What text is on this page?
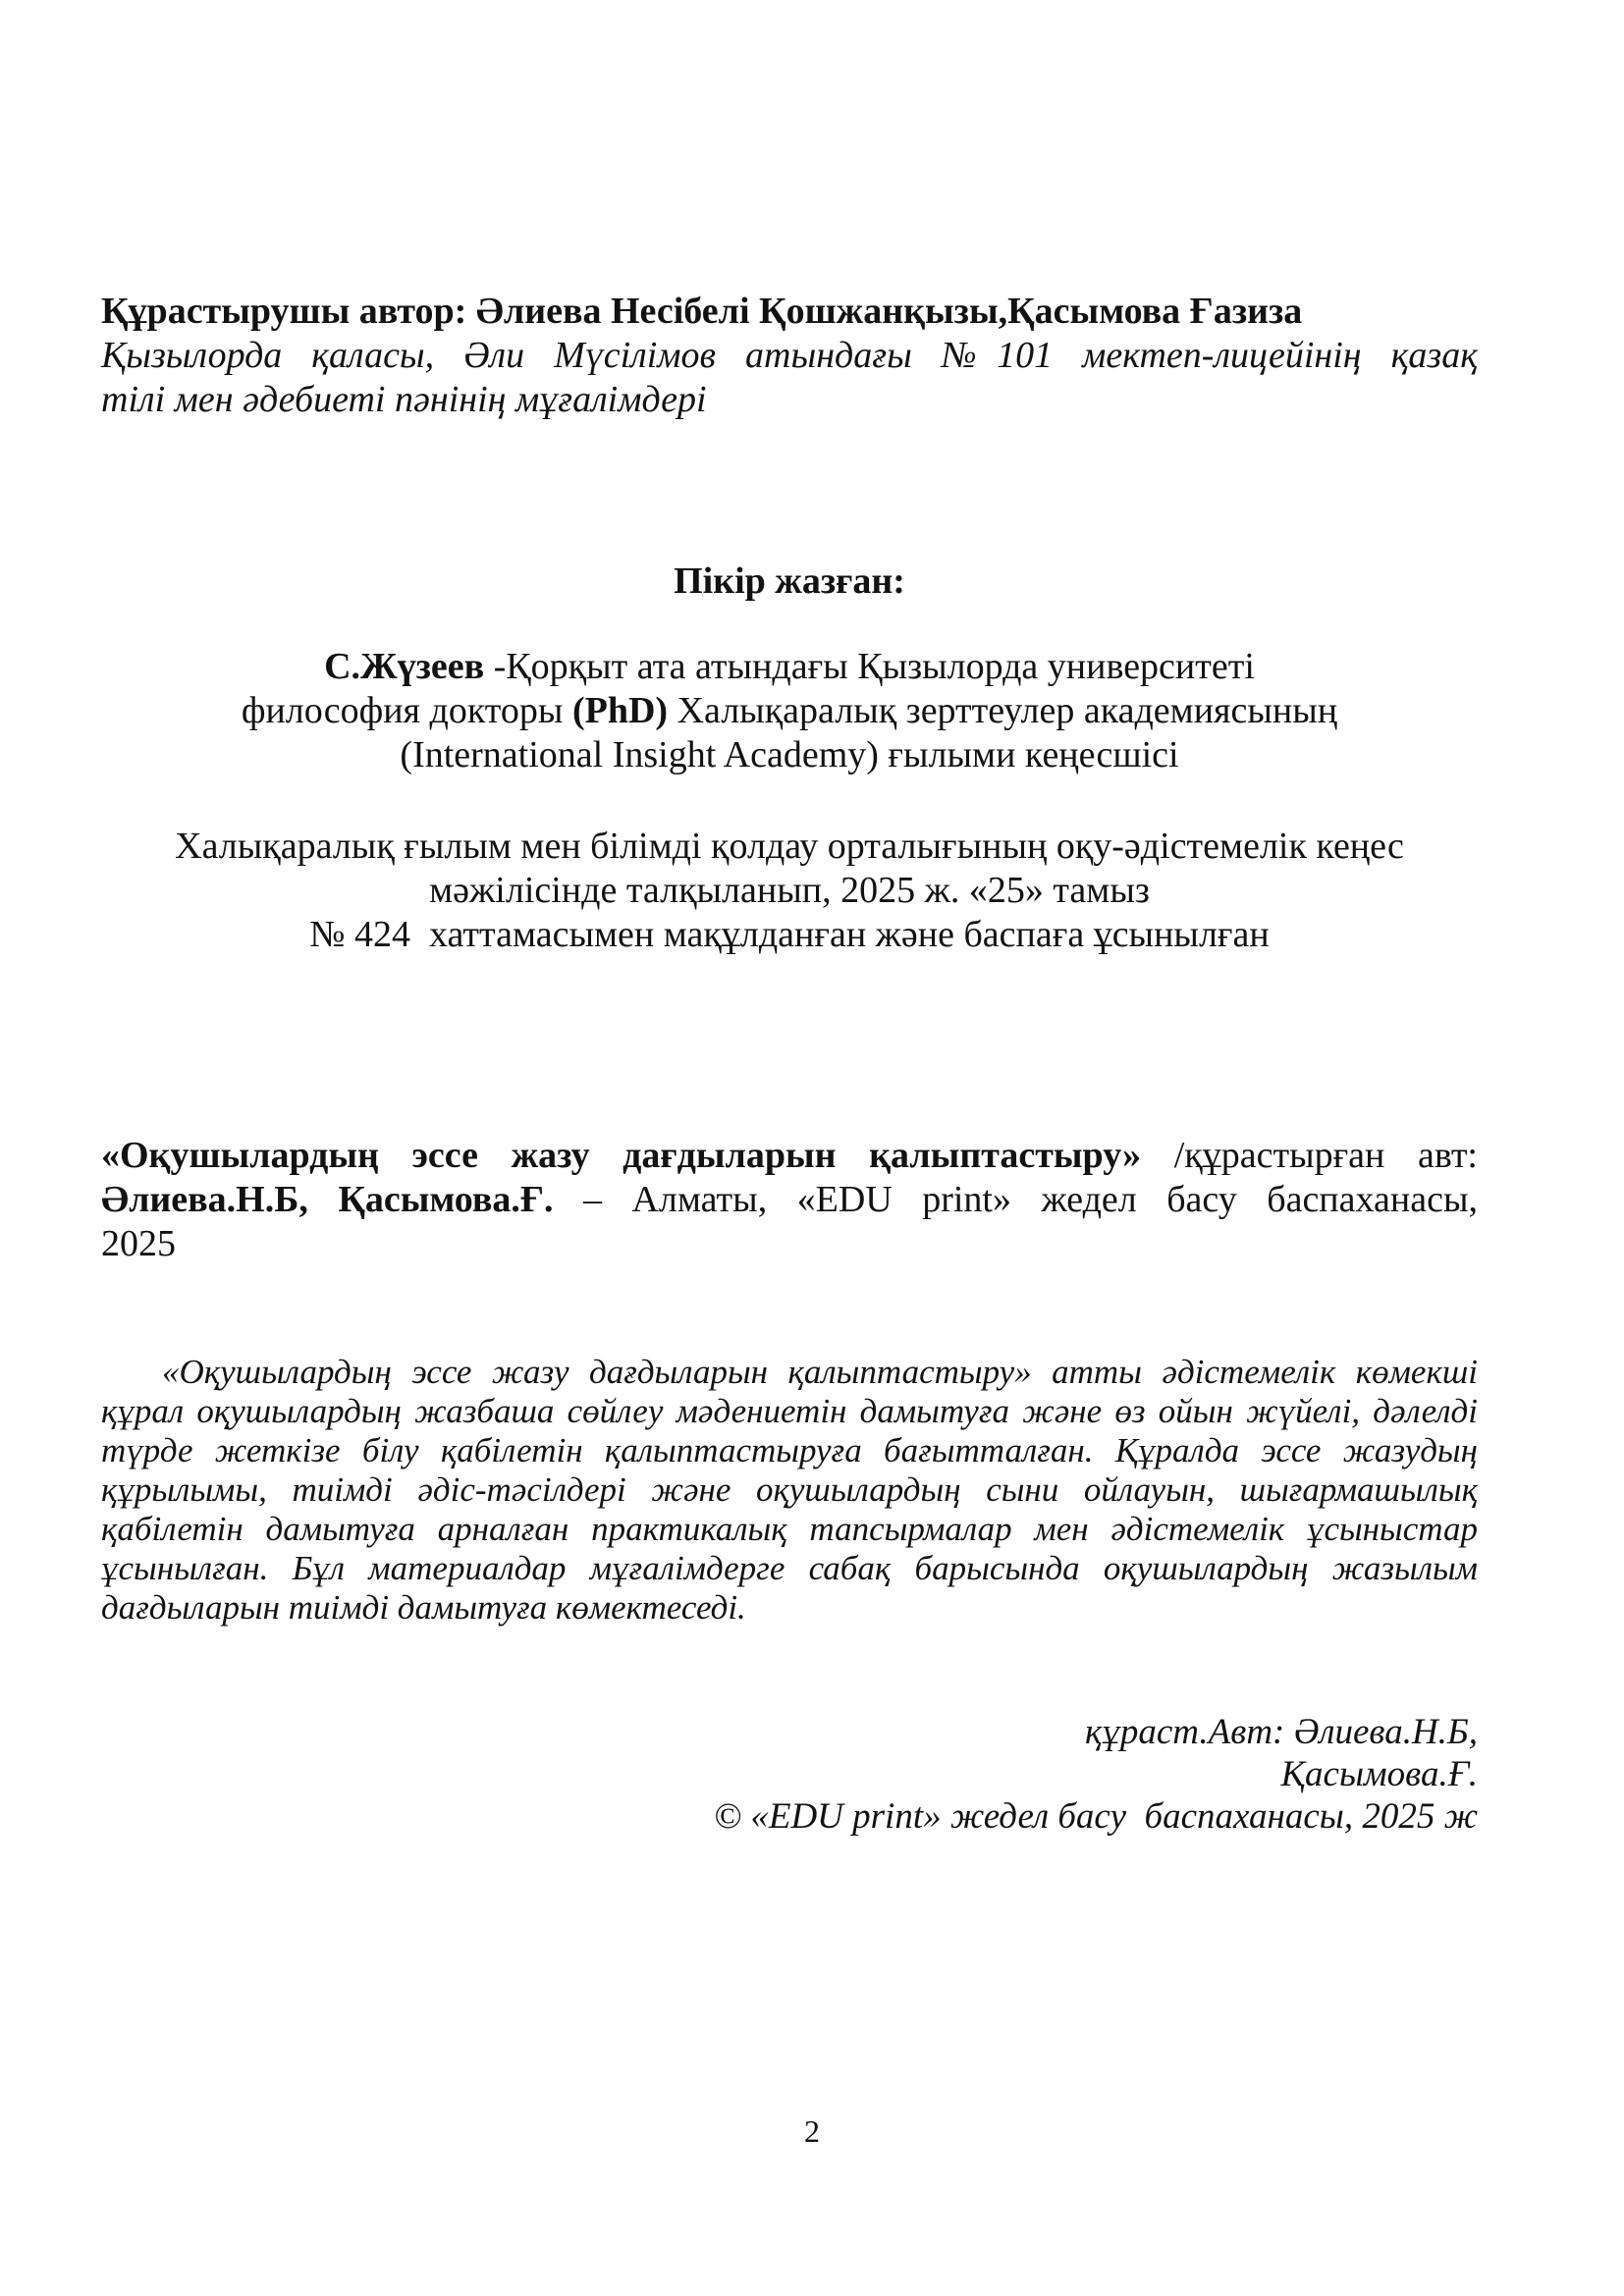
Құрастырушы автор: Әлиева Несібелі Қошжанқызы,Қасымова Ғазиза
Қызылорда қаласы, Әли Мүсілімов атындағы №101 мектеп-лицейінің қазақ
тілі мен әдебиеті пәнінің мұғалімдері
Пікір жазған:
С.Жүзеев -Қорқыт ата атындағы Қызылорда университеті
философия докторы (PhD) Халықаралық зерттеулер академиясының
(International Insight Academy) ғылыми кеңесшісі
Халықаралық ғылым мен білімді қолдау орталығының оқу-әдістемелік кеңес
мәжілісінде талқыланып, 2025 ж. «25» тамыз
№ 424  хаттамасымен мақұлданған және баспаға ұсынылған
«Оқушылардың эссе жазу дағдыларын қалыптастыру» /құрастырған авт:
Әлиева.Н.Б, Қасымова.Ғ. – Алматы, «EDU print» жедел басу баспаханасы,
2025
«Оқушылардың эссе жазу дағдыларын қалыптастыру» атты әдістемелік көмекші құрал оқушылардың жазбаша сөйлеу мәдениетін дамытуға және өз ойын жүйелі, дәлелді түрде жеткізе білу қабілетін қалыптастыруға бағытталған. Құралда эссе жазудың құрылымы, тиімді әдіс-тәсілдері және оқушылардың сыни ойлауын, шығармашылық қабілетін дамытуға арналған практикалық тапсырмалар мен әдістемелік ұсыныстар ұсынылған. Бұл материалдар мұғалімдерге сабақ барысында оқушылардың жазылым дағдыларын тиімді дамытуға көмектеседі.
құраст.Авт: Әлиева.Н.Б,
Қасымова.Ғ.
© «EDU print» жедел басу  баспаханасы, 2025 ж
2
